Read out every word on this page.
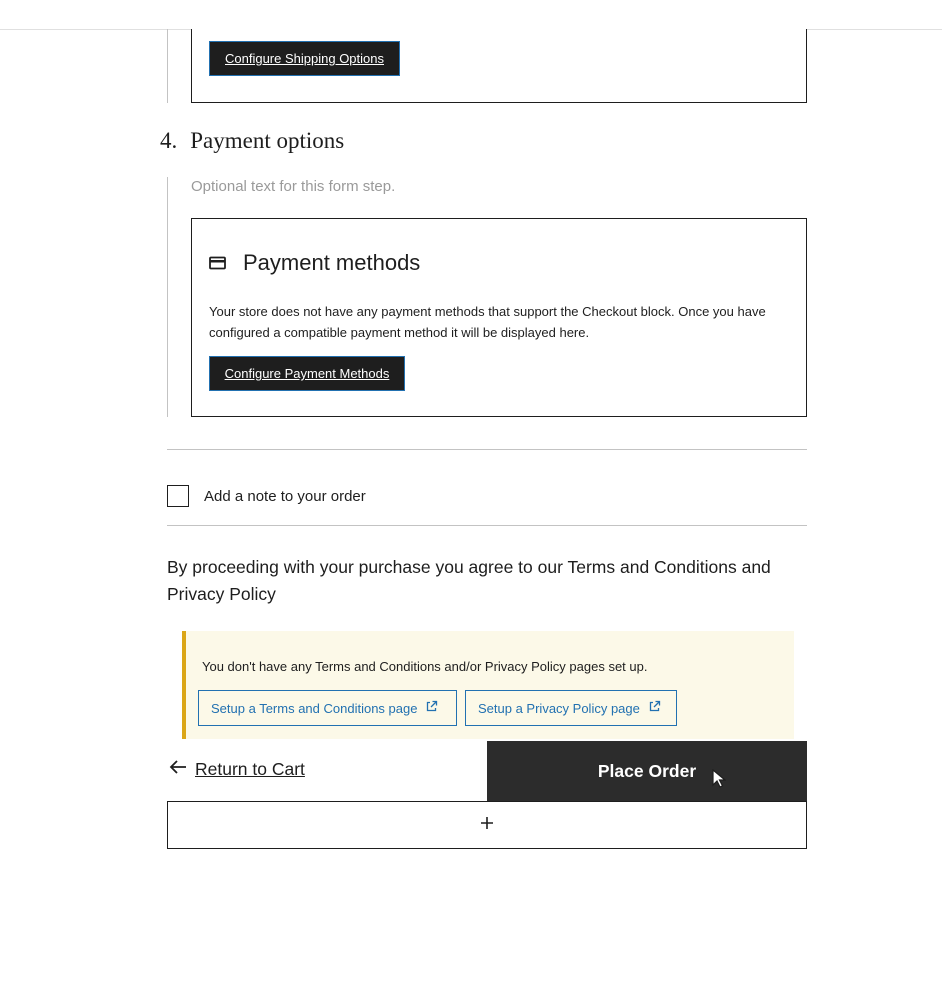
Configure Shipping Options
4. Payment options
Optional text for this form step.
Payment methods
Your store does not have any payment methods that support the Checkout block. Once you have configured a compatible payment method it will be displayed here.
Configure Payment Methods
Add a note to your order
By proceeding with your purchase you agree to our Terms and Conditions and Privacy Policy
You don't have any Terms and Conditions and/or Privacy Policy pages set up.
Setup a Terms and Conditions page	Setup a Privacy Policy page
Return to Cart	Place Order
